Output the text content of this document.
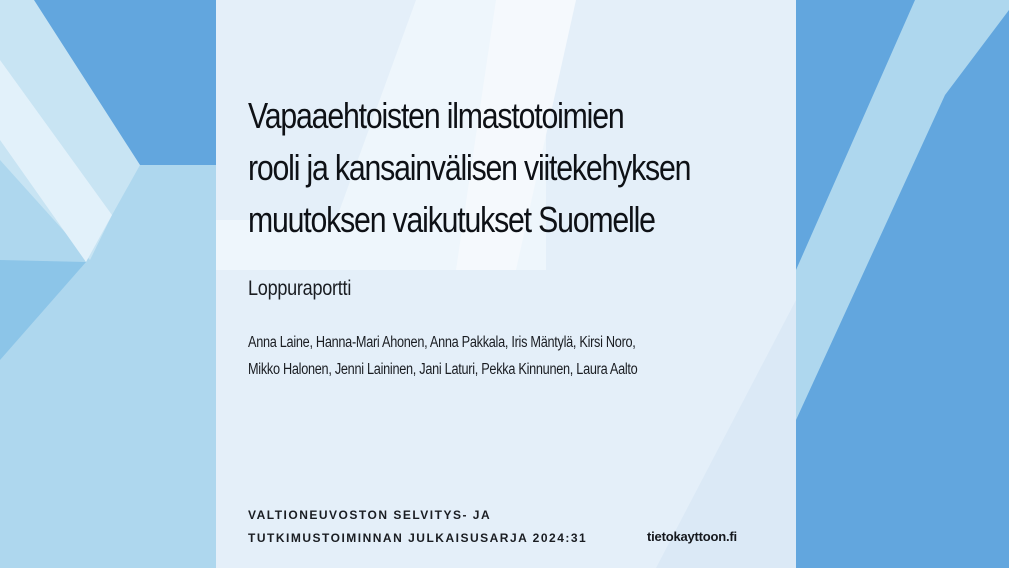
Vapaaehtoisten ilmastotoimien
rooli ja kansainvälisen viitekehyksen
muutoksen vaikutukset Suomelle
Loppuraportti
Anna Laine, Hanna-Mari Ahonen, Anna Pakkala, Iris Mäntylä, Kirsi Noro,
Mikko Halonen, Jenni Laininen, Jani Laturi, Pekka Kinnunen, Laura Aalto
VALTIONEUVOSTON SELVITYS- JA
TUTKIMUSTOIMINNAN JULKAISUSARJA 2024:31	tietokayttoon.fi
